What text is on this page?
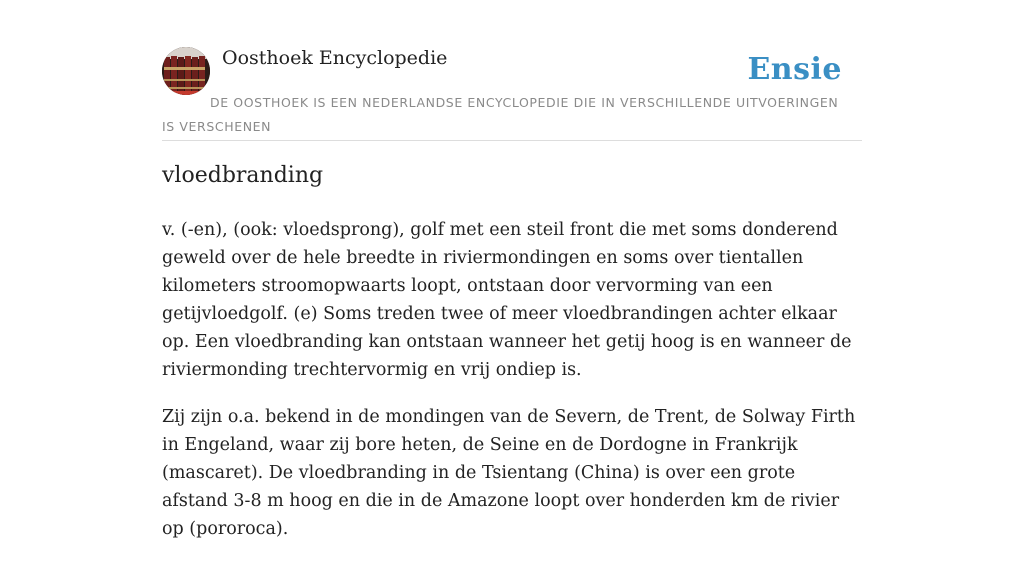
Oosthoek Encyclopedie	Ensie
DE OOSTHOEK IS EEN NEDERLANDSE ENCYCLOPEDIE DIE IN VERSCHILLENDE UITVOERINGEN IS VERSCHENEN
vloedbranding

v. (-en), (ook: vloedsprong), golf met een steil front die met soms donderend geweld over de hele breedte in riviermondingen en soms over tientallen kilometers stroomopwaarts loopt, ontstaan door vervorming van een getijvloedgolf. (e) Soms treden twee of meer vloedbrandingen achter elkaar op. Een vloedbranding kan ontstaan wanneer het getij hoog is en wanneer de riviermonding trechtervormig en vrij ondiep is.

Zij zijn o.a. bekend in de mondingen van de Severn, de Trent, de Solway Firth in Engeland, waar zij bore heten, de Seine en de Dordogne in Frankrijk (mascaret). De vloedbranding in de Tsientang (China) is over een grote afstand 3-8 m hoog en die in de Amazone loopt over honderden km de rivier op (pororoca).
